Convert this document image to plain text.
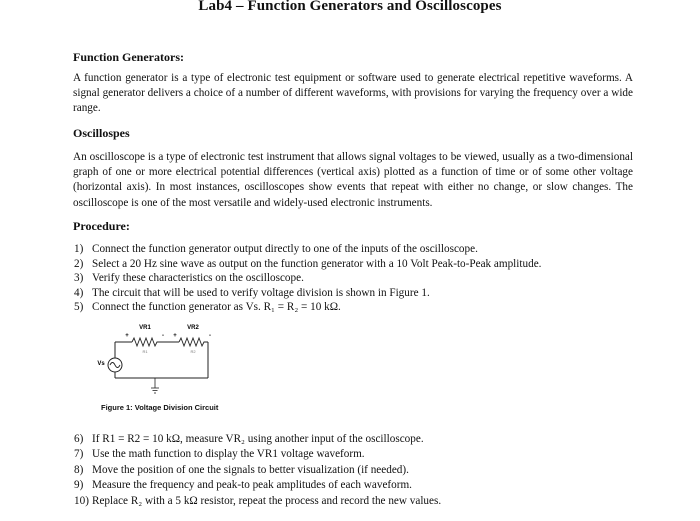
Lab4 – Function Generators and Oscilloscopes
Function Generators:

A function generator is a type of electronic test equipment or software used to generate electrical repetitive waveforms. A signal generator delivers a choice of a number of different waveforms, with provisions for varying the frequency over a wide range.

Oscillospes

An oscilloscope is a type of electronic test instrument that allows signal voltages to be viewed, usually as a two-dimensional graph of one or more electrical potential differences (vertical axis) plotted as a function of time or of some other voltage (horizontal axis). In most instances, oscilloscopes show events that repeat with either no change, or slow changes. The oscilloscope is one of the most versatile and widely-used electronic instruments.

Procedure:
1) Connect the function generator output directly to one of the inputs of the oscilloscope.
2) Select a 20 Hz sine wave as output on the function generator with a 10 Volt Peak-to-Peak amplitude.
3) Verify these characteristics on the oscilloscope.
4) The circuit that will be used to verify voltage division is shown in Figure 1.
5) Connect the function generator as Vs. R₁ = R₂ = 10 kΩ.
VR1	VR2
+	- +	-
Vs
R1	R2
Figure 1: Voltage Division Circuit
6) If R1 = R2 = 10 kΩ, measure VR₂ using another input of the oscilloscope.
7) Use the math function to display the VR1 voltage waveform.
8) Move the position of one the signals to better visualization (if needed).
9) Measure the frequency and peak-to peak amplitudes of each waveform.
10) Replace R₂ with a 5 kΩ resistor, repeat the process and record the new values.
